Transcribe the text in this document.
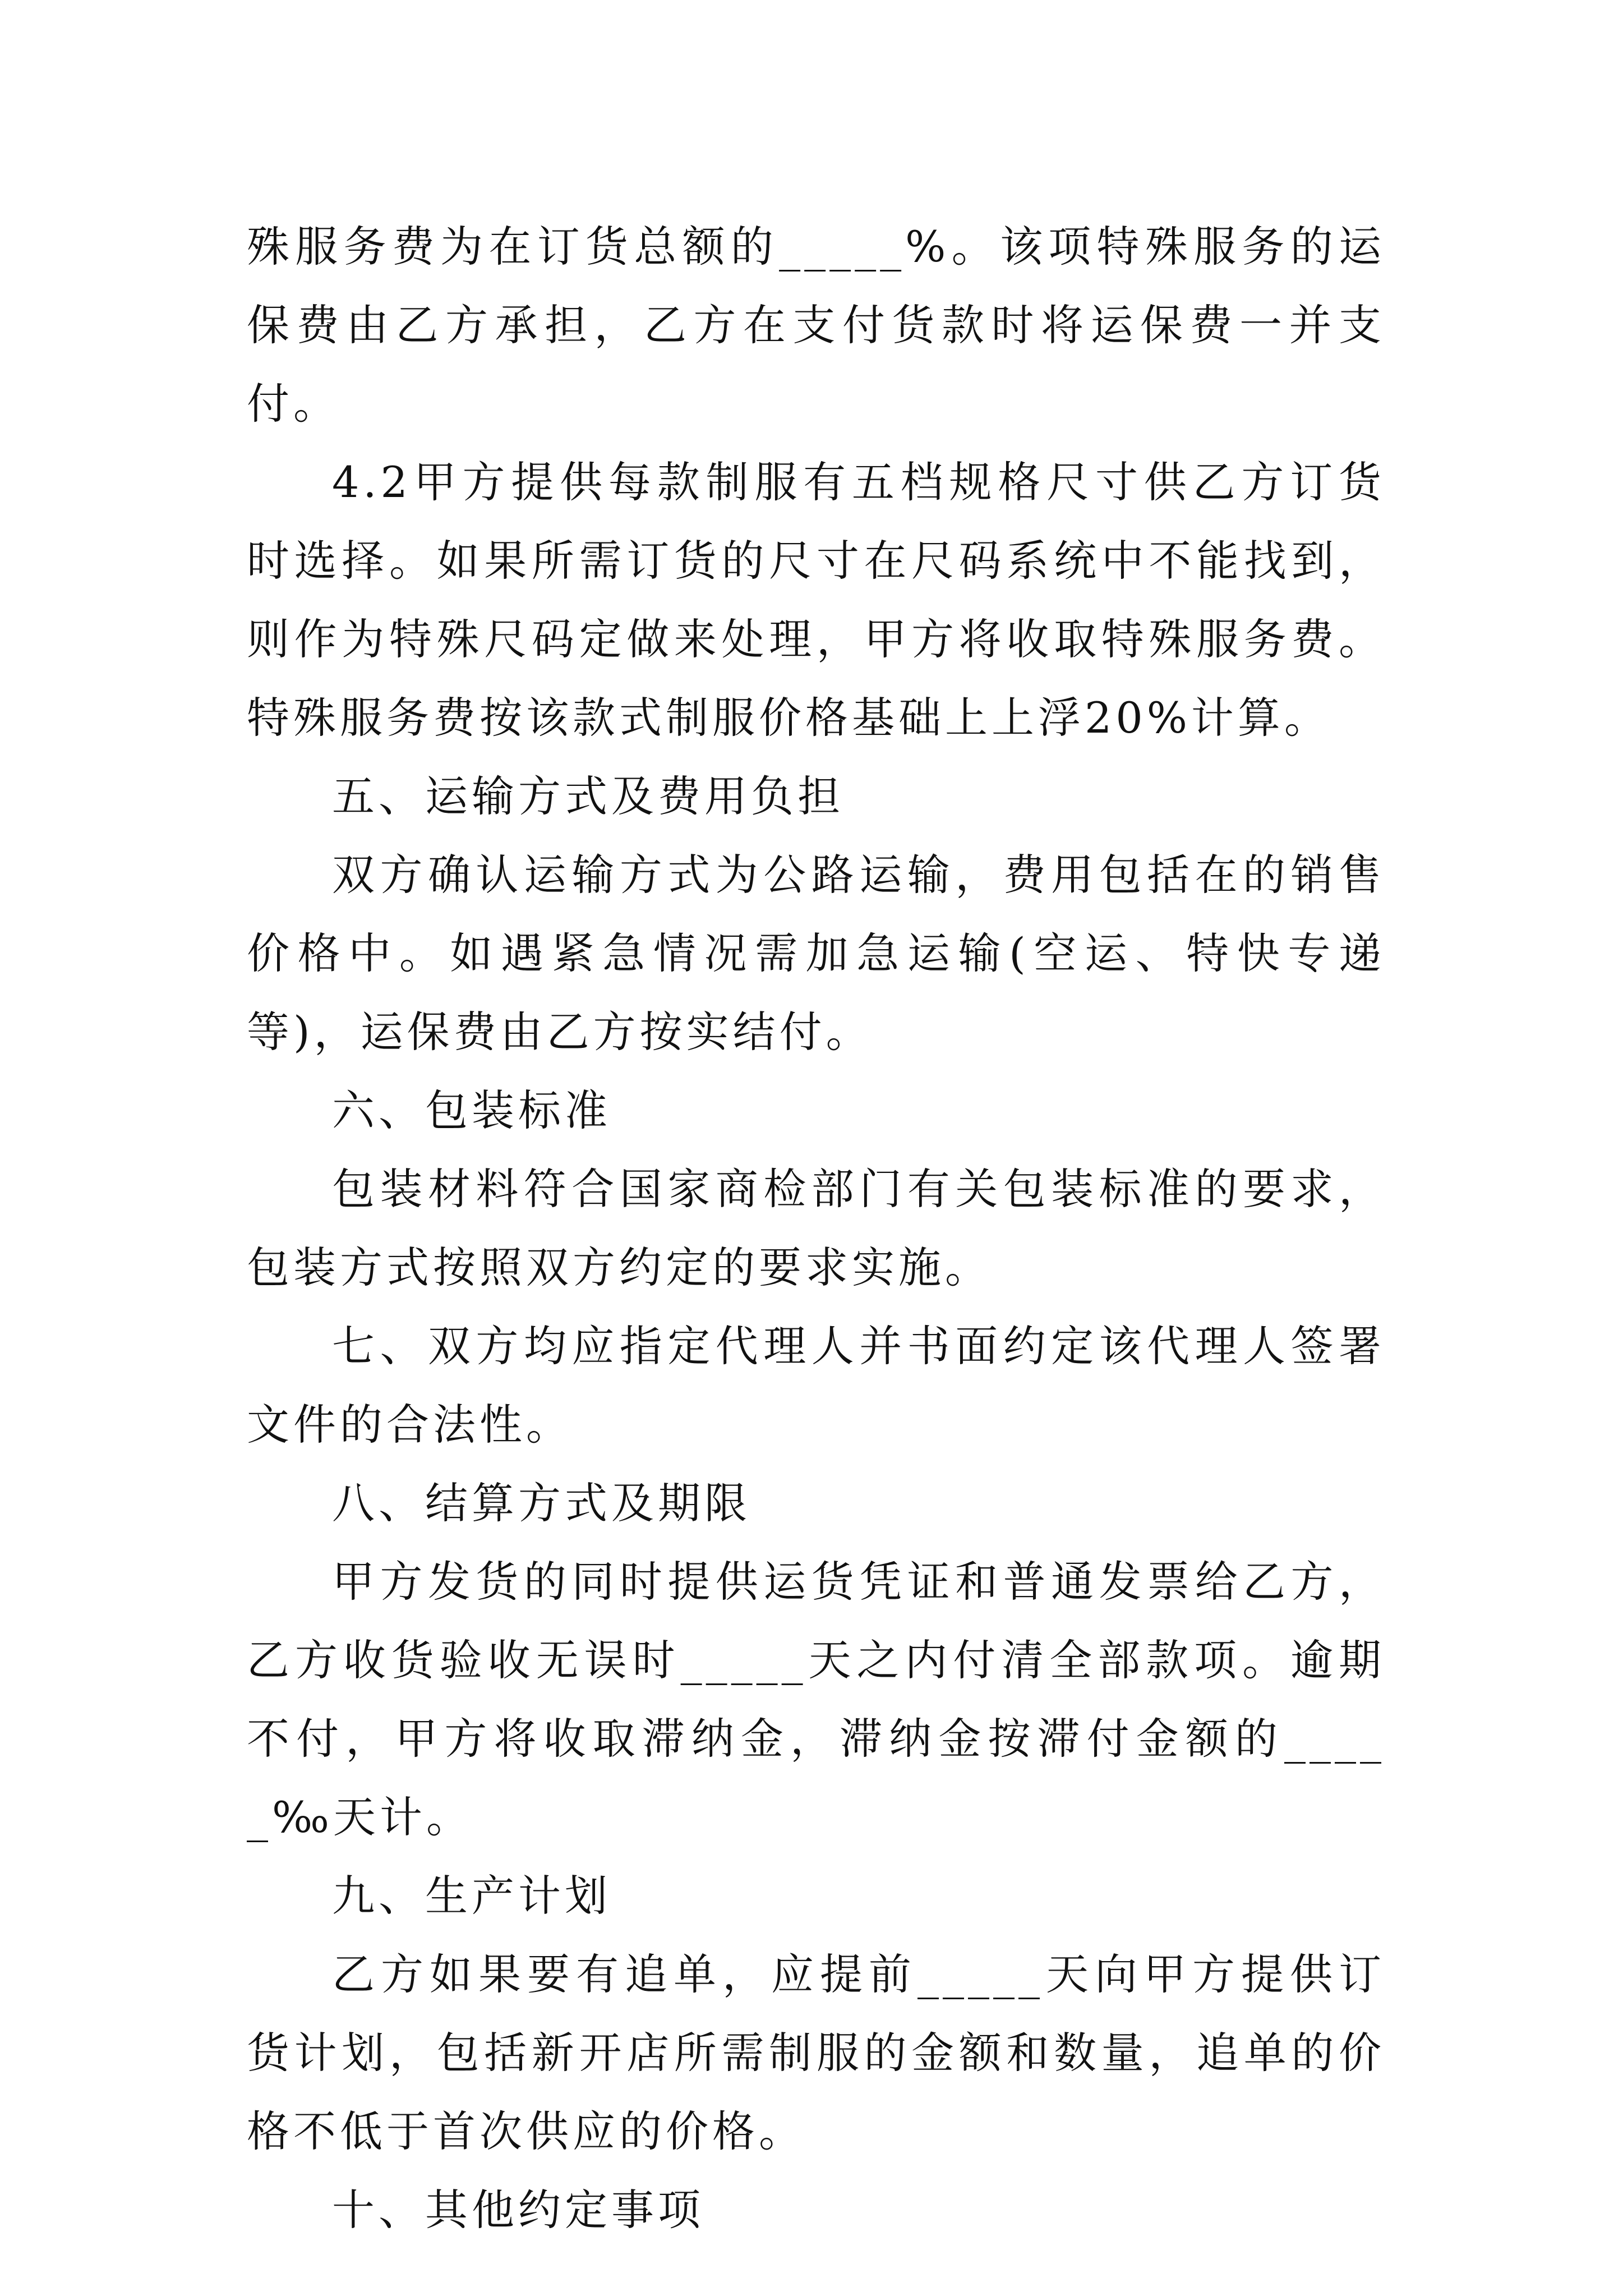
殊服务费为在订货总额的_____%。该项特殊服务的运保费由乙方承担，乙方在支付货款时将运保费一并支付。

4.2甲方提供每款制服有五档规格尺寸供乙方订货时选择。如果所需订货的尺寸在尺码系统中不能找到，则作为特殊尺码定做来处理，甲方将收取特殊服务费。特殊服务费按该款式制服价格基础上上浮20%计算。

五、运输方式及费用负担

双方确认运输方式为公路运输，费用包括在的销售价格中。如遇紧急情况需加急运输(空运、特快专递等)，运保费由乙方按实结付。

六、包装标准

包装材料符合国家商检部门有关包装标准的要求，包装方式按照双方约定的要求实施。

七、双方均应指定代理人并书面约定该代理人签署文件的合法性。

八、结算方式及期限

甲方发货的同时提供运货凭证和普通发票给乙方，乙方收货验收无误时_____天之内付清全部款项。逾期不付，甲方将收取滞纳金，滞纳金按滞付金额的_____‰天计。

九、生产计划

乙方如果要有追单，应提前_____天向甲方提供订货计划，包括新开店所需制服的金额和数量，追单的价格不低于首次供应的价格。

十、其他约定事项
